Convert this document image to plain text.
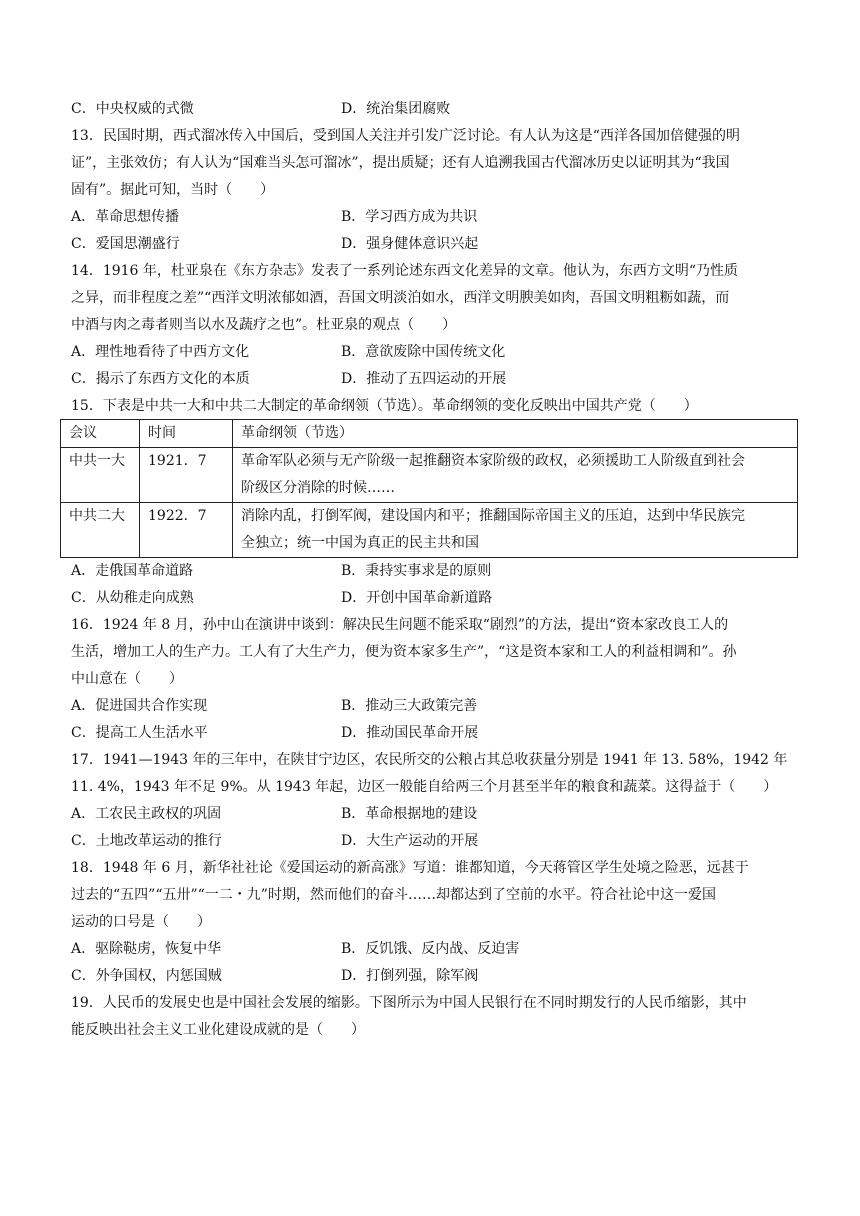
C．中央权威的式微	D．统治集团腐败
13．民国时期，西式溜冰传入中国后，受到国人关注并引发广泛讨论。有人认为这是“西洋各国加倍健强的明
证”，主张效仿；有人认为“国难当头怎可溜冰”，提出质疑；还有人追溯我国古代溜冰历史以证明其为“我国
固有”。据此可知，当时（　　）
A．革命思想传播	B．学习西方成为共识
C．爱国思潮盛行	D．强身健体意识兴起
14．1916 年，杜亚泉在《东方杂志》发表了一系列论述东西文化差异的文章。他认为，东西方文明“乃性质
之异，而非程度之差”“西洋文明浓郁如酒，吾国文明淡泊如水，西洋文明腴美如肉，吾国文明粗粝如蔬，而
中酒与肉之毒者则当以水及蔬疗之也”。杜亚泉的观点（　　）
A．理性地看待了中西方文化	B．意欲废除中国传统文化
C．揭示了东西方文化的本质	D．推动了五四运动的开展
15．下表是中共一大和中共二大制定的革命纲领（节选）。革命纲领的变化反映出中国共产党（　　）
会议	时间	革命纲领（节选）
中共一大	1921．7	革命军队必须与无产阶级一起推翻资本家阶级的政权，必须援助工人阶级直到社会
阶级区分消除的时候……

中共二大	1922．7	消除内乱，打倒军阀，建设国内和平；推翻国际帝国主义的压迫，达到中华民族完
全独立；统一中国为真正的民主共和国
A．走俄国革命道路	B．秉持实事求是的原则
C．从幼稚走向成熟	D．开创中国革命新道路
16．1924 年 8 月，孙中山在演讲中谈到：解决民生问题不能采取“剧烈”的方法，提出“资本家改良工人的
生活，增加工人的生产力。工人有了大生产力，便为资本家多生产”，“这是资本家和工人的利益相调和”。孙
中山意在（　　）
A．促进国共合作实现	B．推动三大政策完善
C．提高工人生活水平	D．推动国民革命开展
17．1941—1943 年的三年中，在陕甘宁边区，农民所交的公粮占其总收获量分别是 1941 年 13. 58%，1942 年
11. 4%，1943 年不足 9%。从 1943 年起，边区一般能自给两三个月甚至半年的粮食和蔬菜。这得益于（　　）
A．工农民主政权的巩固	B．革命根据地的建设
C．土地改革运动的推行	D．大生产运动的开展
18．1948 年 6 月，新华社社论《爱国运动的新高涨》写道：谁都知道，今天蒋管区学生处境之险恶，远甚于
过去的“五四”“五卅”“一二・九”时期，然而他们的奋斗……却都达到了空前的水平。符合社论中这一爱国
运动的口号是（　　）
A．驱除鞑虏，恢复中华	B．反饥饿、反内战、反迫害
C．外争国权，内惩国贼	D．打倒列强，除军阀
19．人民币的发展史也是中国社会发展的缩影。下图所示为中国人民银行在不同时期发行的人民币缩影，其中
能反映出社会主义工业化建设成就的是（　　）
